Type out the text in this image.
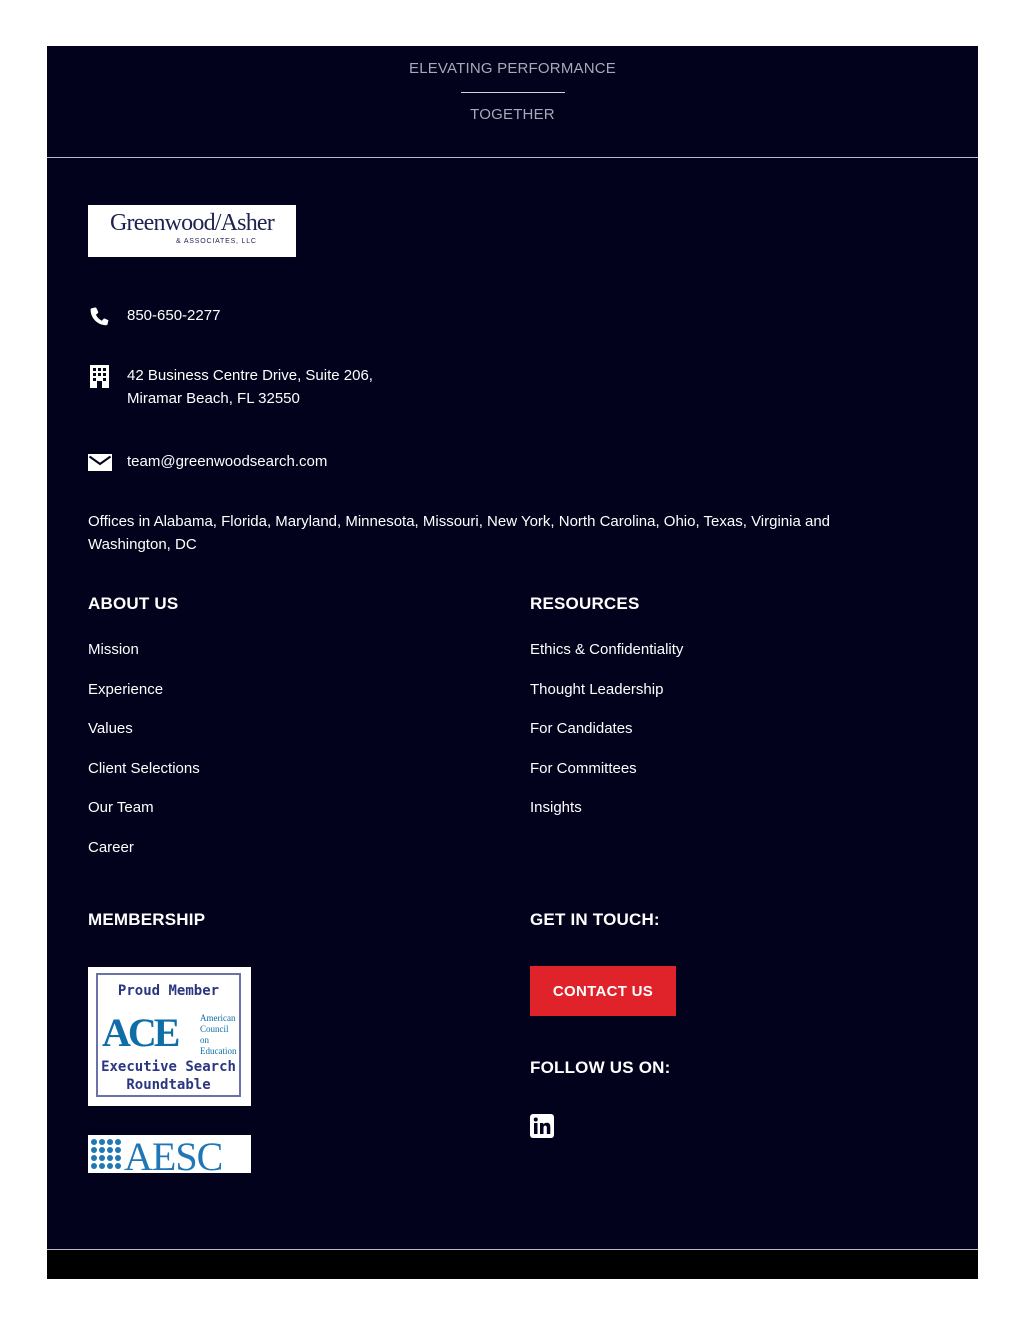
ELEVATING PERFORMANCE
TOGETHER
Greenwood/Asher
& ASSOCIATES, LLC
850-650-2277
42 Business Centre Drive, Suite 206,
Miramar Beach, FL 32550
team@greenwoodsearch.com
Offices in Alabama, Florida, Maryland, Minnesota, Missouri, New York, North Carolina, Ohio, Texas, Virginia and Washington, DC
ABOUT US
Mission
Experience
Values
Client Selections
Our Team
Career
RESOURCES
Ethics & Confidentiality
Thought Leadership
For Candidates
For Committees
Insights
MEMBERSHIP
Proud Member
ACE	American
Council on
Education
Executive Search
Roundtable
AESC
GET IN TOUCH:
CONTACT US
FOLLOW US ON:
